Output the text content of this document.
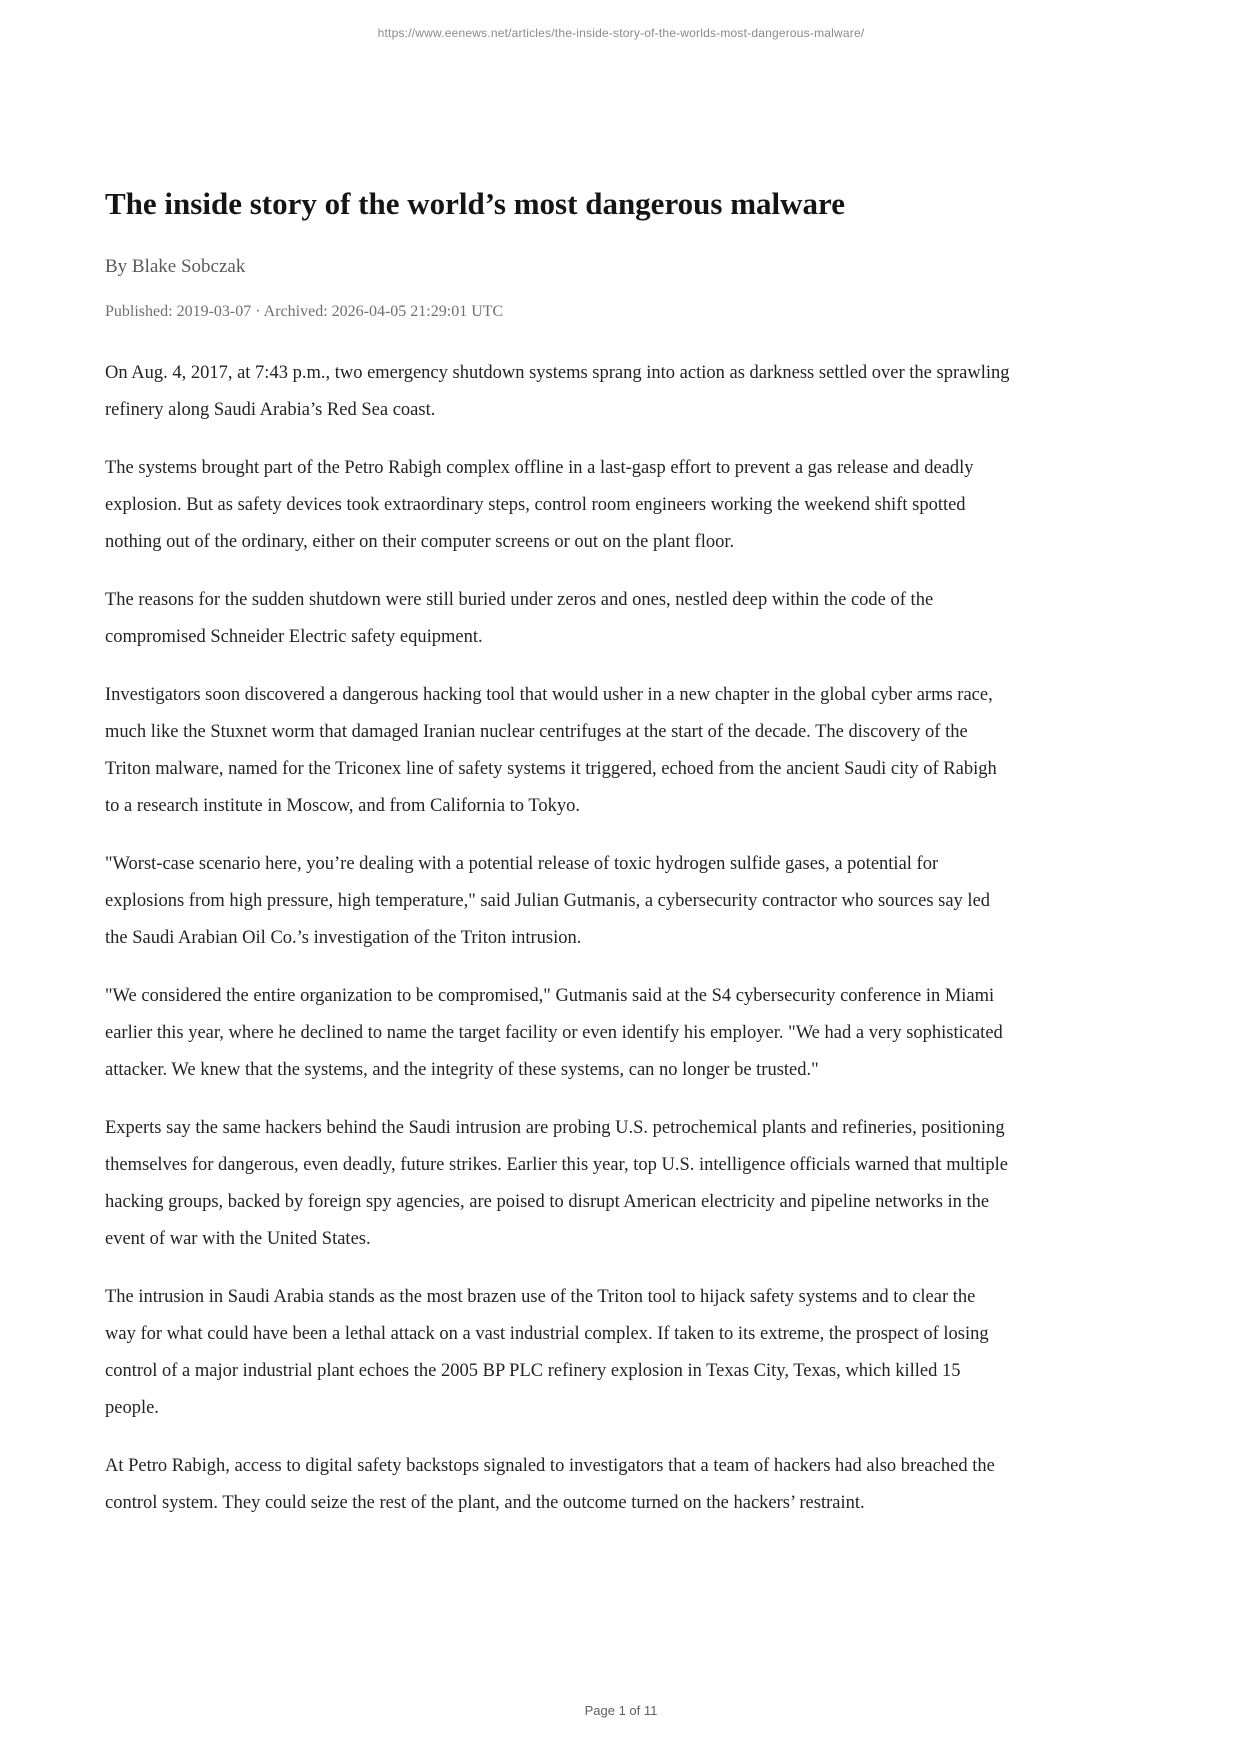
https://www.eenews.net/articles/the-inside-story-of-the-worlds-most-dangerous-malware/
The inside story of the world’s most dangerous malware
By Blake Sobczak
Published: 2019-03-07 · Archived: 2026-04-05 21:29:01 UTC

On Aug. 4, 2017, at 7:43 p.m., two emergency shutdown systems sprang into action as darkness settled over the sprawling refinery along Saudi Arabia’s Red Sea coast.

The systems brought part of the Petro Rabigh complex offline in a last-gasp effort to prevent a gas release and deadly explosion. But as safety devices took extraordinary steps, control room engineers working the weekend shift spotted nothing out of the ordinary, either on their computer screens or out on the plant floor.

The reasons for the sudden shutdown were still buried under zeros and ones, nestled deep within the code of the compromised Schneider Electric safety equipment.

Investigators soon discovered a dangerous hacking tool that would usher in a new chapter in the global cyber arms race, much like the Stuxnet worm that damaged Iranian nuclear centrifuges at the start of the decade. The discovery of the Triton malware, named for the Triconex line of safety systems it triggered, echoed from the ancient Saudi city of Rabigh to a research institute in Moscow, and from California to Tokyo.

"Worst-case scenario here, you’re dealing with a potential release of toxic hydrogen sulfide gases, a potential for explosions from high pressure, high temperature," said Julian Gutmanis, a cybersecurity contractor who sources say led the Saudi Arabian Oil Co.’s investigation of the Triton intrusion.

"We considered the entire organization to be compromised," Gutmanis said at the S4 cybersecurity conference in Miami earlier this year, where he declined to name the target facility or even identify his employer. "We had a very sophisticated attacker. We knew that the systems, and the integrity of these systems, can no longer be trusted."

Experts say the same hackers behind the Saudi intrusion are probing U.S. petrochemical plants and refineries, positioning themselves for dangerous, even deadly, future strikes. Earlier this year, top U.S. intelligence officials warned that multiple hacking groups, backed by foreign spy agencies, are poised to disrupt American electricity and pipeline networks in the event of war with the United States.

The intrusion in Saudi Arabia stands as the most brazen use of the Triton tool to hijack safety systems and to clear the way for what could have been a lethal attack on a vast industrial complex. If taken to its extreme, the prospect of losing control of a major industrial plant echoes the 2005 BP PLC refinery explosion in Texas City, Texas, which killed 15 people.

At Petro Rabigh, access to digital safety backstops signaled to investigators that a team of hackers had also breached the control system. They could seize the rest of the plant, and the outcome turned on the hackers’ restraint.

Page 1 of 11
